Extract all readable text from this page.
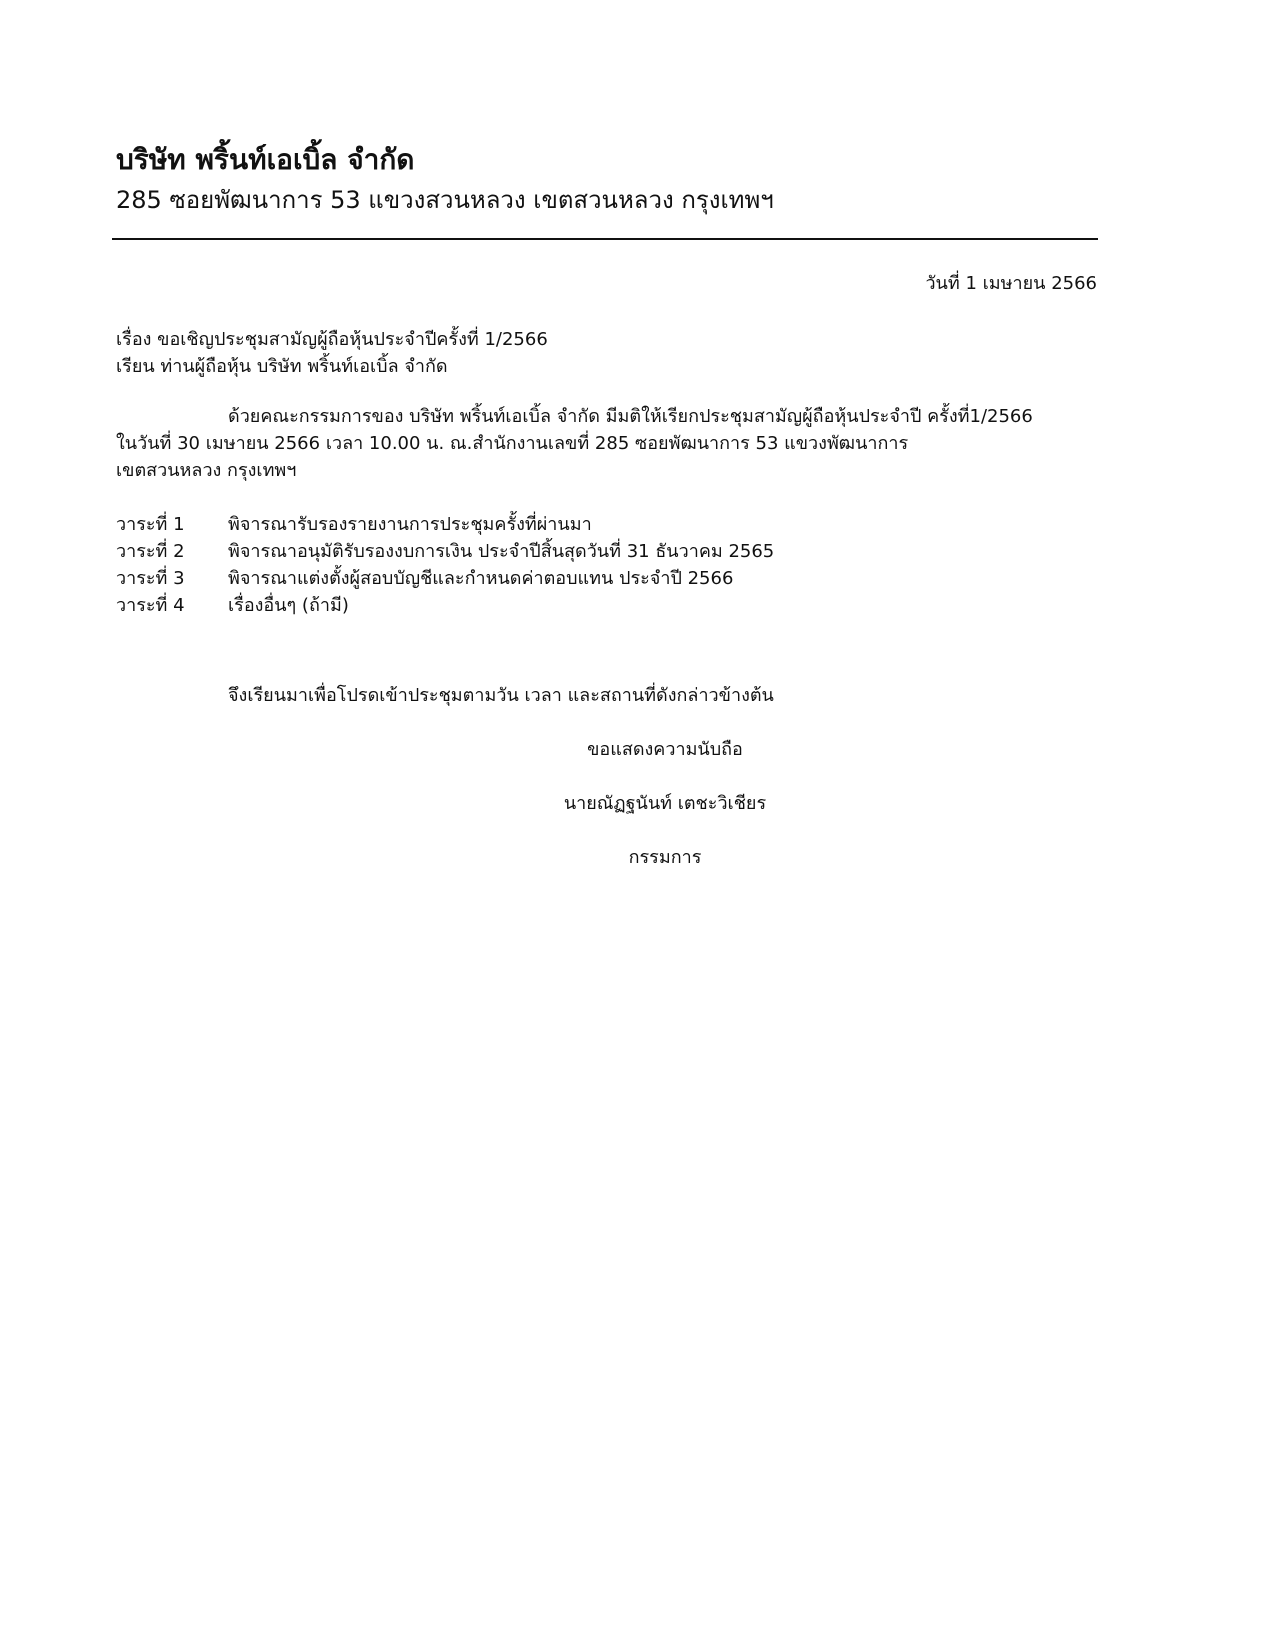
บริษัท พริ้นท์เอเบิ้ล จำกัด
285 ซอยพัฒนาการ 53 แขวงสวนหลวง เขตสวนหลวง กรุงเทพฯ
วันที่ 1 เมษายน 2566
เรื่อง ขอเชิญประชุมสามัญผู้ถือหุ้นประจำปีครั้งที่ 1/2566
เรียน ท่านผู้ถือหุ้น บริษัท พริ้นท์เอเบิ้ล จำกัด
ด้วยคณะกรรมการของ บริษัท พริ้นท์เอเบิ้ล จำกัด มีมติให้เรียกประชุมสามัญผู้ถือหุ้นประจำปี ครั้งที่1/2566
ในวันที่ 30 เมษายน 2566 เวลา 10.00 น. ณ.สำนักงานเลขที่ 285 ซอยพัฒนาการ 53 แขวงพัฒนาการ
เขตสวนหลวง กรุงเทพฯ
วาระที่ 1	พิจารณารับรองรายงานการประชุมครั้งที่ผ่านมา
วาระที่ 2	พิจารณาอนุมัติรับรองงบการเงิน ประจำปีสิ้นสุดวันที่ 31 ธันวาคม 2565
วาระที่ 3	พิจารณาแต่งตั้งผู้สอบบัญชีและกำหนดค่าตอบแทน ประจำปี 2566
วาระที่ 4	เรื่องอื่นๆ (ถ้ามี)
จึงเรียนมาเพื่อโปรดเข้าประชุมตามวัน เวลา และสถานที่ดังกล่าวข้างต้น
ขอแสดงความนับถือ
นายณัฏฐนันท์ เตชะวิเชียร
กรรมการ
